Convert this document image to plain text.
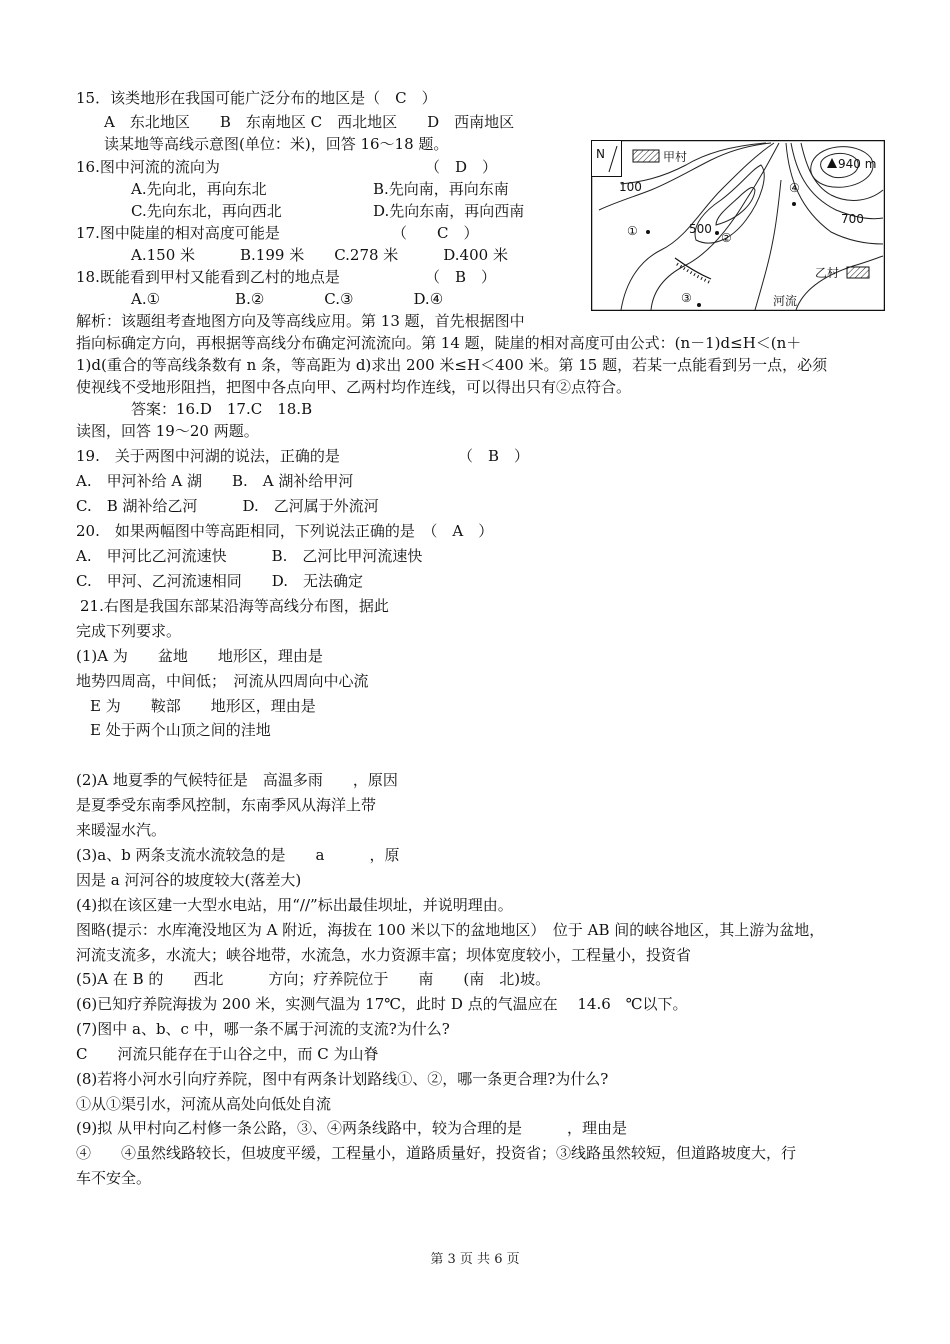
15．该类地形在我国可能广泛分布的地区是（　C　）
A　东北地区　　B　东南地区 C　西北地区　　D　西南地区
读某地等高线示意图(单位：米)，回答 16～18 题。
16.图中河流的流向为	（　D　）
A.先向北，再向东北	B.先向南，再向东南
C.先向东北，再向西北	D.先向东南，再向西南
17.图中陡崖的相对高度可能是	（　　C　）
A.150 米　　　B.199 米　　C.278 米　　　D.400 米
18.既能看到甲村又能看到乙村的地点是	（　B　）
A.①　　　　　B.②　　　　C.③　　　　D.④
解析：该题组考查地图方向及等高线应用。第 13 题，首先根据图中
指向标确定方向，再根据等高线分布确定河流流向。第 14 题，陡崖的相对高度可由公式：(n－1)d≤H＜(n＋
1)d(重合的等高线条数有 n 条，等高距为 d)求出 200 米≤H＜400 米。第 15 题，若某一点能看到另一点，必须
使视线不受地形阻挡，把图中各点向甲、乙两村均作连线，可以得出只有②点符合。
答案：16.D　17.C　18.B
读图，回答 19～20 两题。
19.　关于两图中河湖的说法，正确的是	（　B　）
A.　甲河补给 A 湖　　B.　A 湖补给甲河
C.　B 湖补给乙河　　　D.　乙河属于外流河
20.　如果两幅图中等高距相同，下列说法正确的是　（　A　）
A.　甲河比乙河流速快　　　B.　乙河比甲河流速快
C.　甲河、乙河流速相同　　D.　无法确定
21.右图是我国东部某沿海等高线分布图，据此
完成下列要求。
(1)A 为　　盆地　　地形区，理由是
地势四周高，中间低；　河流从四周向中心流
E 为　　鞍部　　地形区，理由是
E 处于两个山顶之间的洼地
(2)A 地夏季的气候特征是　高温多雨　　，原因
是夏季受东南季风控制，东南季风从海洋上带
来暖湿水汽。
(3)a、b 两条支流水流较急的是　　a　　　，原
因是 a 河河谷的坡度较大(落差大)
(4)拟在该区建一大型水电站，用“//”标出最佳坝址，并说明理由。
图略(提示：水库淹没地区为 A 附近，海拔在 100 米以下的盆地地区）　位于 AB 间的峡谷地区，其上游为盆地，
河流支流多，水流大；峡谷地带，水流急，水力资源丰富；坝体宽度较小，工程量小，投资省
(5)A 在 B 的　　西北　　　方向；疗养院位于　　南　　(南　北)坡。
(6)已知疗养院海拔为 200 米，实测气温为 17℃，此时 D 点的气温应在　 14.6　℃以下。
(7)图中 a、b、c 中，哪一条不属于河流的支流?为什么?
C　　河流只能存在于山谷之中，而 C 为山脊
(8)若将小河水引向疗养院，图中有两条计划路线①、②，哪一条更合理?为什么?
①从①渠引水，河流从高处向低处自流
(9)拟 从甲村向乙村修一条公路，③、④两条线路中，较为合理的是　　　，理由是
④　　④虽然线路较长，但坡度平缓，工程量小，道路质量好，投资省；③线路虽然较短，但道路坡度大，行
车不安全。
N	甲村
100
500
700
940 m
乙村
河流
①	②
③
④
第 3 页 共 6 页
